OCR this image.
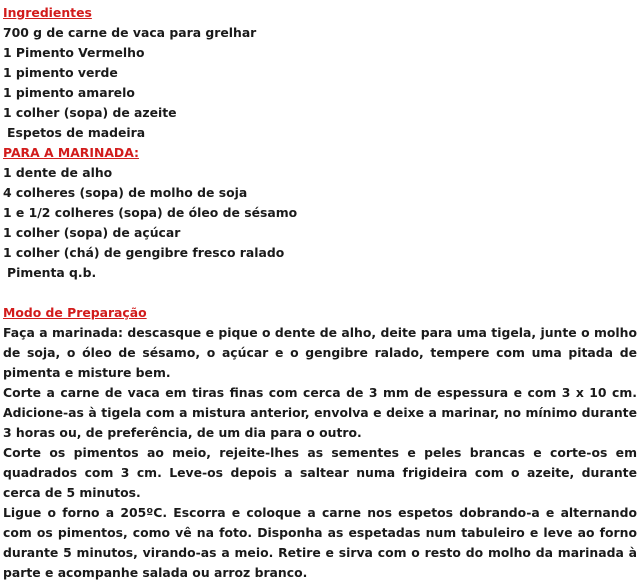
Ingredientes
700 g de carne de vaca para grelhar
1 Pimento Vermelho
1 pimento verde
1 pimento amarelo
1 colher (sopa) de azeite
Espetos de madeira
PARA A MARINADA:
1 dente de alho
4 colheres (sopa) de molho de soja
1 e 1/2 colheres (sopa) de óleo de sésamo
1 colher (sopa) de açúcar
1 colher (chá) de gengibre fresco ralado
Pimenta q.b.
Modo de Preparação

Faça a marinada: descasque e pique o dente de alho, deite para uma tigela, junte o molho de soja, o óleo de sésamo, o açúcar e o gengibre ralado, tempere com uma pitada de pimenta e misture bem.

Corte a carne de vaca em tiras finas com cerca de 3 mm de espessura e com 3 x 10 cm. Adicione-as à tigela com a mistura anterior, envolva e deixe a marinar, no mínimo durante 3 horas ou, de preferência, de um dia para o outro.

Corte os pimentos ao meio, rejeite-lhes as sementes e peles brancas e corte-os em quadrados com 3 cm. Leve-os depois a saltear numa frigideira com o azeite, durante cerca de 5 minutos.

Ligue o forno a 205ºC. Escorra e coloque a carne nos espetos dobrando-a e alternando com os pimentos, como vê na foto. Disponha as espetadas num tabuleiro e leve ao forno durante 5 minutos, virando-as a meio. Retire e sirva com o resto do molho da marinada à parte e acompanhe salada ou arroz branco.
